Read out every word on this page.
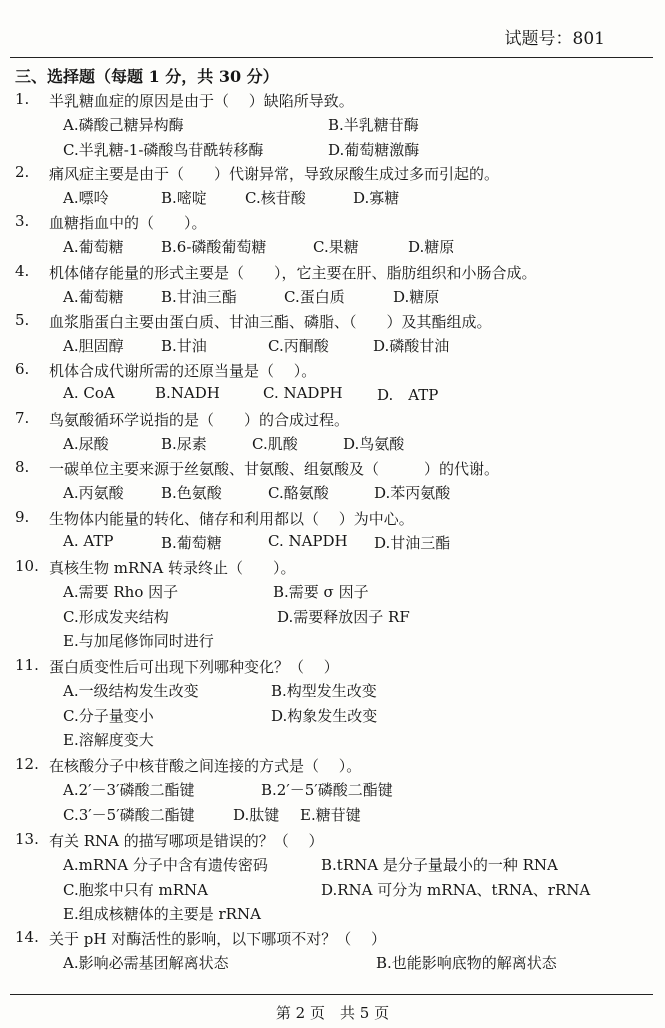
试题号：801
三、选择题（每题 1 分，共 30 分）
1. 半乳糖血症的原因是由于（　 ）缺陷所导致。
A.磷酸己糖异构酶	B.半乳糖苷酶
C.半乳糖-1-磷酸鸟苷酰转移酶	D.葡萄糖激酶
2. 痛风症主要是由于（　　）代谢异常，导致尿酸生成过多而引起的。
A.嘌呤	B.嘧啶	C.核苷酸	D.寡糖
3. 血糖指血中的（　　）。
A.葡萄糖 B.6-磷酸葡萄糖	C.果糖	D.糖原
4. 机体储存能量的形式主要是（　　），它主要在肝、脂肪组织和小肠合成。
A.葡萄糖 B.甘油三酯	C.蛋白质	D.糖原
5. 血浆脂蛋白主要由蛋白质、甘油三酯、磷脂、（　　）及其酯组成。
A.胆固醇 B.甘油	C.丙酮酸	D.磷酸甘油
6. 机体合成代谢所需的还原当量是（　 ）。
A. CoA	B.NADH	C. NADPH D.　ATP
7. 鸟氨酸循环学说指的是（　　）的合成过程。
A.尿酸	B.尿素	C.肌酸	D.鸟氨酸
8. 一碳单位主要来源于丝氨酸、甘氨酸、组氨酸及（　　　）的代谢。
A.丙氨酸 B.色氨酸	C.酪氨酸	D.苯丙氨酸
9. 生物体内能量的转化、储存和利用都以（　 ）为中心。
A. ATP	B.葡萄糖	C. NAPDH D.甘油三酯
10. 真核生物 mRNA 转录终止（　　）。
A.需要 Rho 因子	B.需要 σ 因子
C.形成发夹结构	D.需要释放因子 RF
E.与加尾修饰同时进行
11. 蛋白质变性后可出现下列哪种变化？（　 ）
A.一级结构发生改变	B.构型发生改变
C.分子量变小	D.构象发生改变
E.溶解度变大
12. 在核酸分子中核苷酸之间连接的方式是（　 ）。
A.2′－3′磷酸二酯键	B.2′－5′磷酸二酯键
C.3′－5′磷酸二酯键	D.肽键 E.糖苷键
13. 有关 RNA 的描写哪项是错误的？（　 ）
A.mRNA 分子中含有遗传密码	B.tRNA 是分子量最小的一种 RNA
C.胞浆中只有 mRNA	D.RNA 可分为 mRNA、tRNA、rRNA
E.组成核糖体的主要是 rRNA
14. 关于 pH 对酶活性的影响，以下哪项不对？（　 ）
A.影响必需基团解离状态	B.也能影响底物的解离状态
第 2 页　共 5 页
